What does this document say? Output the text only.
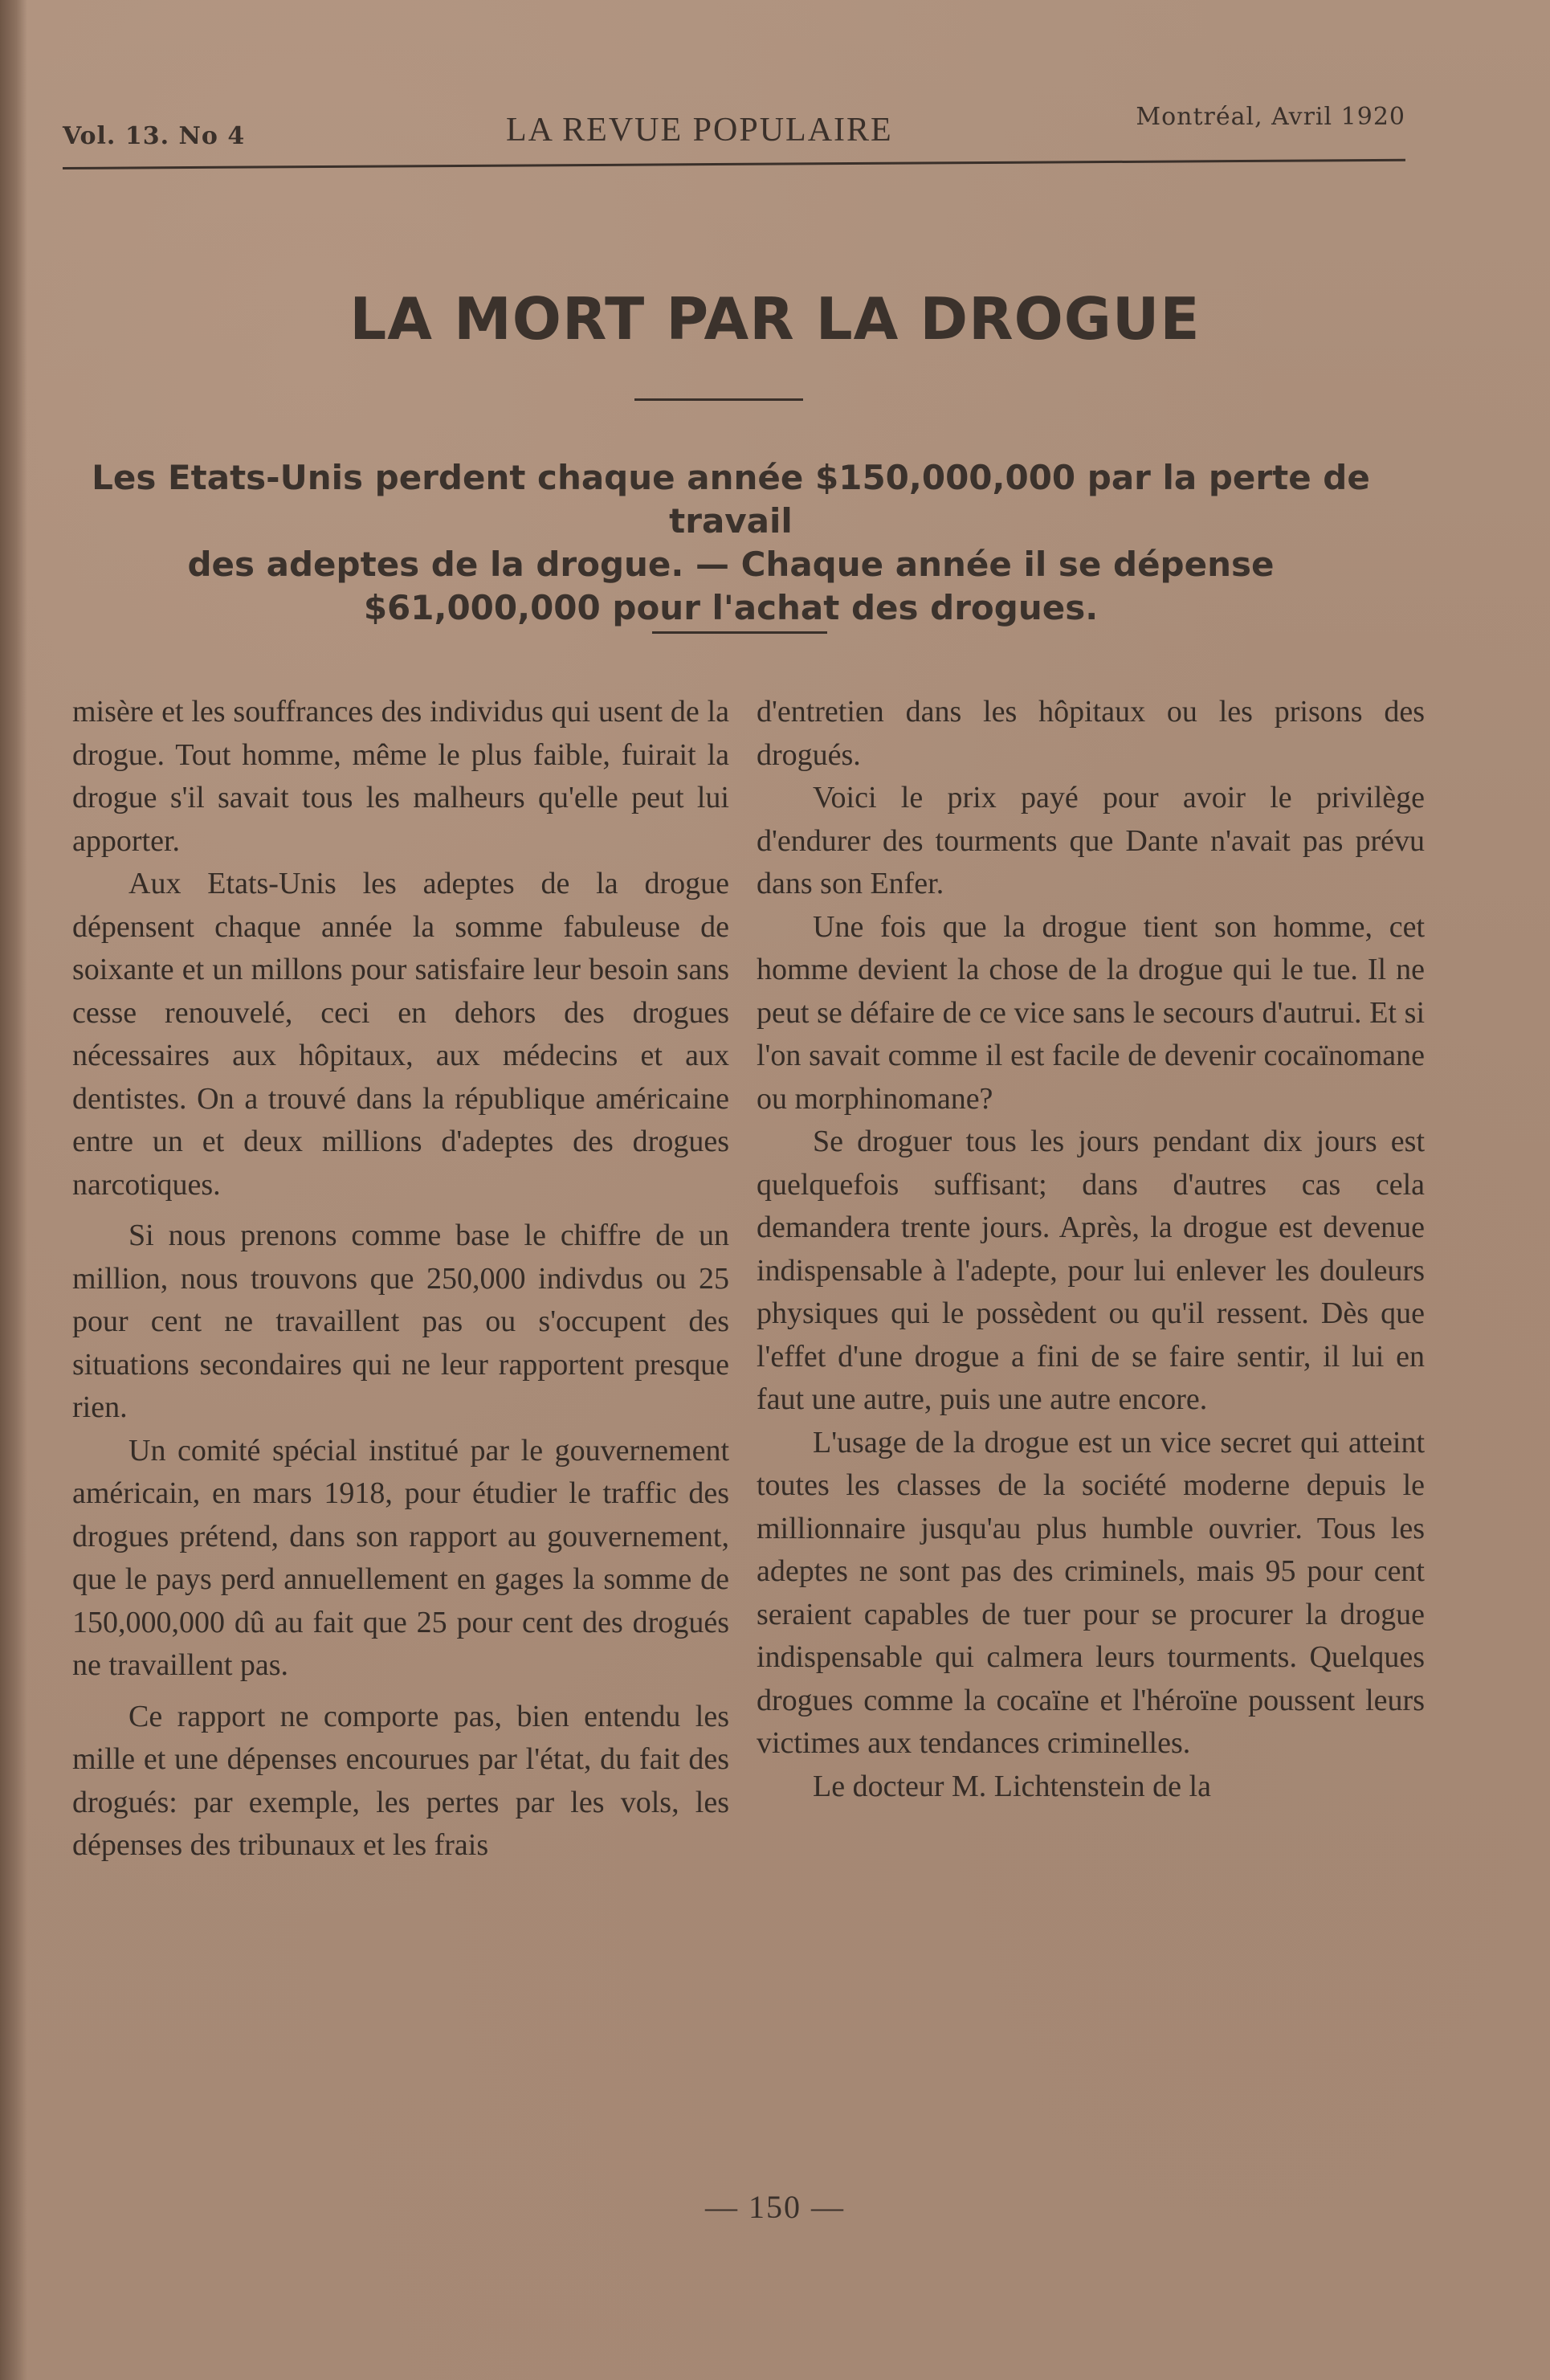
Vol. 13. No 4	LA REVUE POPULAIRE	Montréal, Avril 1920
LA MORT PAR LA DROGUE
Les Etats-Unis perdent chaque année $150,000,000 par la perte de travail
des adeptes de la drogue. — Chaque année il se dépense
$61,000,000 pour l'achat des drogues.

misère et les souffrances des individus qui usent de la drogue. Tout homme, même le plus faible, fuirait la drogue s'il savait tous les malheurs qu'elle peut lui apporter.

Aux Etats-Unis les adeptes de la drogue dépensent chaque année la somme fabuleuse de soixante et un millons pour satisfaire leur besoin sans cesse renouvelé, ceci en dehors des drogues nécessaires aux hôpitaux, aux médecins et aux dentistes. On a trouvé dans la république américaine entre un et deux millions d'adeptes des drogues narcotiques.

Si nous prenons comme base le chiffre de un million, nous trouvons que 250,000 indivdus ou 25 pour cent ne travaillent pas ou s'occupent des situations secondaires qui ne leur rapportent presque rien.

Un comité spécial institué par le gouvernement américain, en mars 1918, pour étudier le traffic des drogues prétend, dans son rapport au gouvernement, que le pays perd annuellement en gages la somme de 150,000,000 dû au fait que 25 pour cent des drogués ne travaillent pas.

Ce rapport ne comporte pas, bien entendu les mille et une dépenses encourues par l'état, du fait des drogués: par exemple, les pertes par les vols, les dépenses des tribunaux et les frais

d'entretien dans les hôpitaux ou les prisons des drogués.

Voici le prix payé pour avoir le privilège d'endurer des tourments que Dante n'avait pas prévu dans son Enfer.

Une fois que la drogue tient son homme, cet homme devient la chose de la drogue qui le tue. Il ne peut se défaire de ce vice sans le secours d'autrui. Et si l'on savait comme il est facile de devenir cocaïnomane ou morphinomane?

Se droguer tous les jours pendant dix jours est quelquefois suffisant; dans d'autres cas cela demandera trente jours. Après, la drogue est devenue indispensable à l'adepte, pour lui enlever les douleurs physiques qui le possèdent ou qu'il ressent. Dès que l'effet d'une drogue a fini de se faire sentir, il lui en faut une autre, puis une autre encore.

L'usage de la drogue est un vice secret qui atteint toutes les classes de la société moderne depuis le millionnaire jusqu'au plus humble ouvrier. Tous les adeptes ne sont pas des criminels, mais 95 pour cent seraient capables de tuer pour se procurer la drogue indispensable qui calmera leurs tourments. Quelques drogues comme la cocaïne et l'héroïne poussent leurs victimes aux tendances criminelles.

Le docteur M. Lichtenstein de la

— 150 —
